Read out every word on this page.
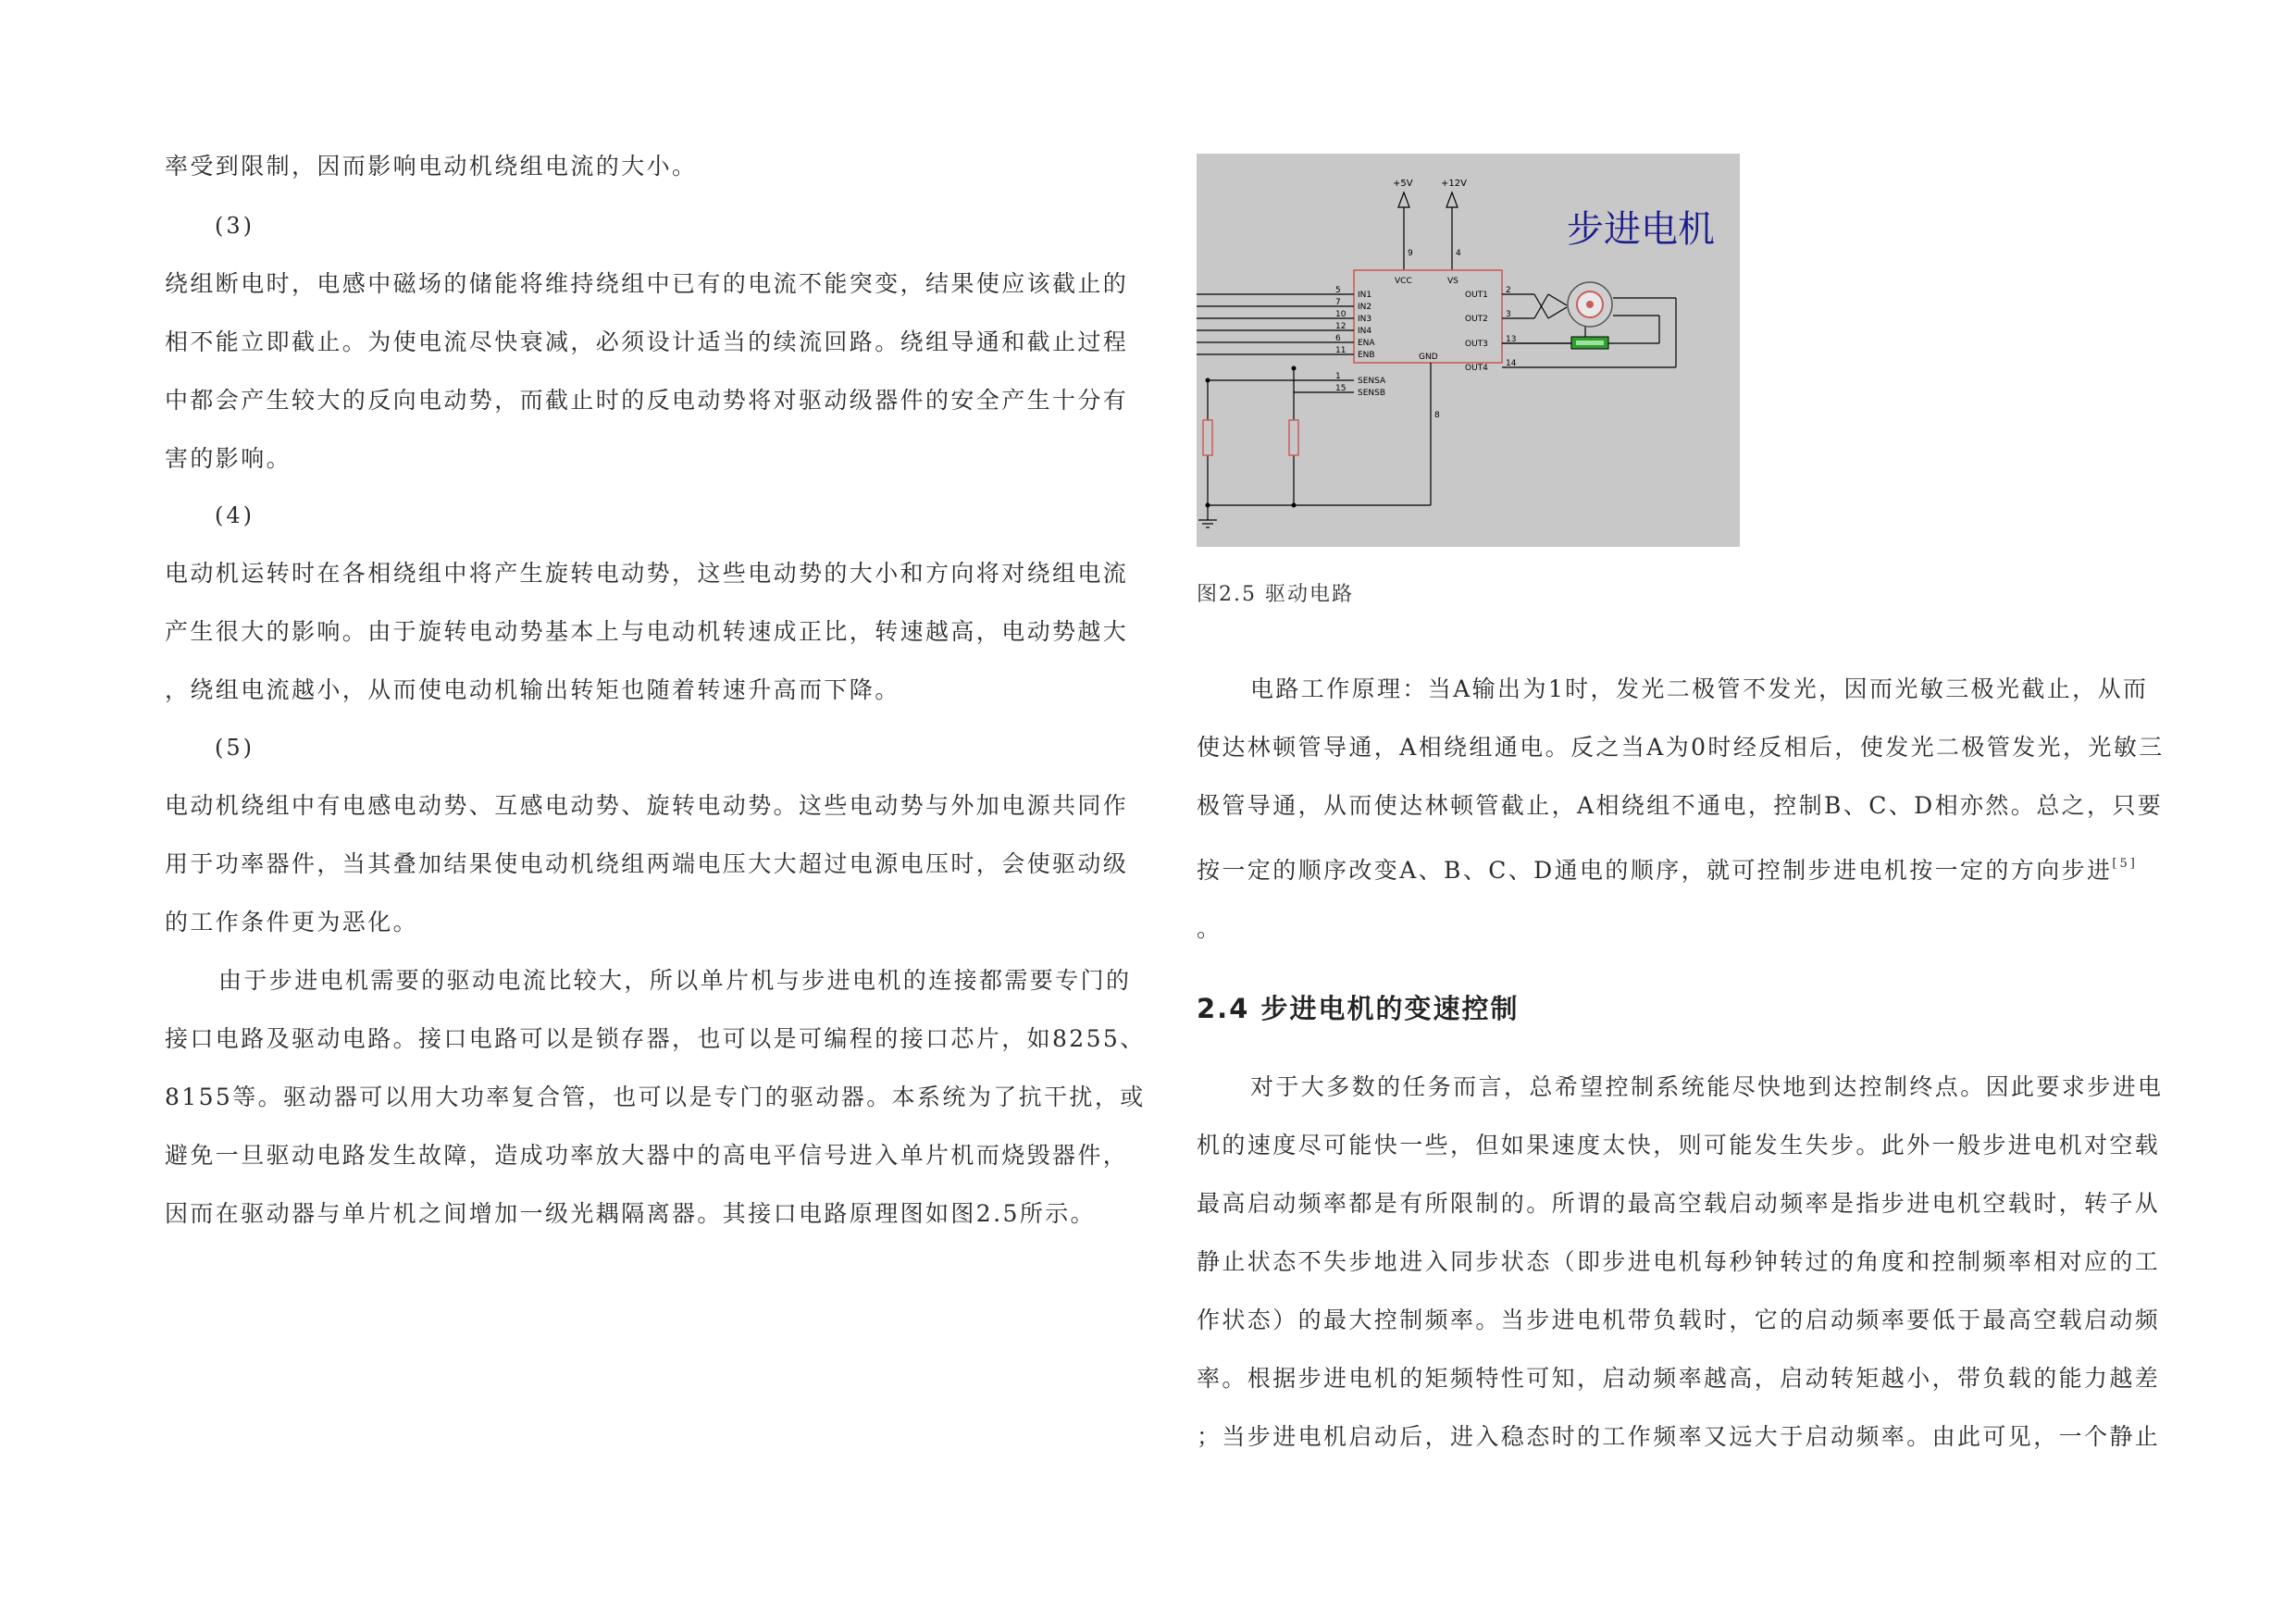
率受到限制，因而影响电动机绕组电流的大小。
(3)
绕组断电时，电感中磁场的储能将维持绕组中已有的电流不能突变，结果使应该截止的
相不能立即截止。为使电流尽快衰减，必须设计适当的续流回路。绕组导通和截止过程
中都会产生较大的反向电动势，而截止时的反电动势将对驱动级器件的安全产生十分有
害的影响。
(4)
电动机运转时在各相绕组中将产生旋转电动势，这些电动势的大小和方向将对绕组电流
产生很大的影响。由于旋转电动势基本上与电动机转速成正比，转速越高，电动势越大
，绕组电流越小，从而使电动机输出转矩也随着转速升高而下降。
(5)
电动机绕组中有电感电动势、互感电动势、旋转电动势。这些电动势与外加电源共同作
用于功率器件，当其叠加结果使电动机绕组两端电压大大超过电源电压时，会使驱动级
的工作条件更为恶化。
由于步进电机需要的驱动电流比较大，所以单片机与步进电机的连接都需要专门的
接口电路及驱动电路。接口电路可以是锁存器，也可以是可编程的接口芯片，如8255、
8155等。驱动器可以用大功率复合管，也可以是专门的驱动器。本系统为了抗干扰，或
避免一旦驱动电路发生故障，造成功率放大器中的高电平信号进入单片机而烧毁器件，
因而在驱动器与单片机之间增加一级光耦隔离器。其接口电路原理图如图2.5所示。
步进电机
+5V	+12V
9	4
VCC	VS
GND
5 IN1
7 IN2
10 IN3
12 IN4
6 ENA
11 ENB
1 SENSA
15 SENSB
OUT1 2
OUT2 3
OUT3 13
OUT4 14
8
图2.5 驱动电路
电路工作原理：当A输出为1时，发光二极管不发光，因而光敏三极光截止，从而
使达林顿管导通，A相绕组通电。反之当A为0时经反相后，使发光二极管发光，光敏三
极管导通，从而使达林顿管截止，A相绕组不通电，控制B、C、D相亦然。总之，只要
按一定的顺序改变A、B、C、D通电的顺序，就可控制步进电机按一定的方向步进[5]
。
2.4 步进电机的变速控制
对于大多数的任务而言，总希望控制系统能尽快地到达控制终点。因此要求步进电
机的速度尽可能快一些，但如果速度太快，则可能发生失步。此外一般步进电机对空载
最高启动频率都是有所限制的。所谓的最高空载启动频率是指步进电机空载时，转子从
静止状态不失步地进入同步状态（即步进电机每秒钟转过的角度和控制频率相对应的工
作状态）的最大控制频率。当步进电机带负载时，它的启动频率要低于最高空载启动频
率。根据步进电机的矩频特性可知，启动频率越高，启动转矩越小，带负载的能力越差
；当步进电机启动后，进入稳态时的工作频率又远大于启动频率。由此可见，一个静止
